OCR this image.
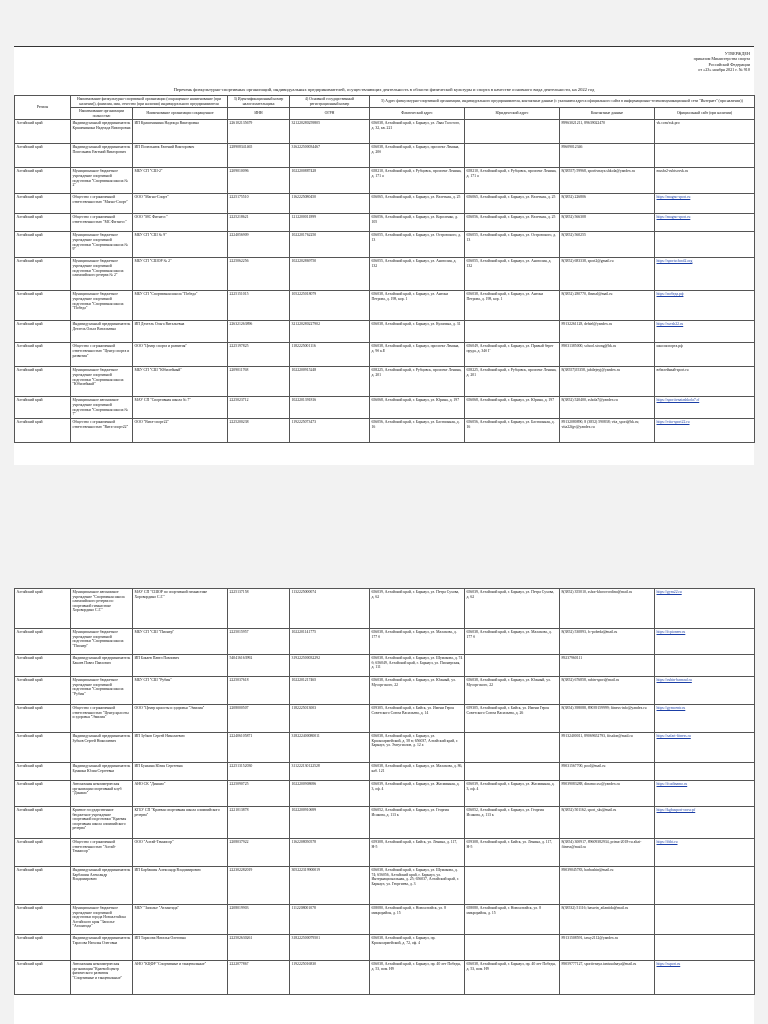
УТВЕРЖДЕН
приказом Министерства спорта
Российской Федерации
от «23» ноября 2021 г. № 910
Перечень физкультурно-спортивных организаций, индивидуальных предпринимателей, осуществляющих деятельность в области физической культуры и спорта в качестве основного вида деятельности, на 2022 год
Регион	Наименование физкультурно-спортивной организации (сокращенное наименование (при наличии)), фамилия, имя, отчество (при наличии) индивидуального предпринимателя		3) Идентификационный номер налогоплательщика	4) Основной государственный регистрационный номер	5) Адрес физкультурно-спортивной организации, индивидуального предпринимателя, контактные данные (с указанием адреса официального сайта в информационно-телекоммуникационной сети "Интернет" (при наличии))			
	Наименование организации полностью	Наименование организации сокращенное	ИНН	ОГРН	Фактический адрес	Юридический адрес	Контактные данные	Официальный сайт (при наличии)
Алтайский край	Индивидуальный предприниматель Крашенинина Надежда Викторовна	ИП Крашенинина Надежда Викторовна	226102135679	321220280259805	656038, Алтайский край, г. Барнаул, ул. Льва Толстого, д. 32, кв. 221		89963021211, 89639022470	vk.com/ssk.pro
Алтайский край	Индивидуальный предприниматель Попельнюк Евгений Викторович	ИП Попельнюк Евгений Викторович	228908341465	316222500034467	656038, Алтайский край, г. Барнаул, проспект Ленина, д. 20б		89609012346	
Алтайский край	Муниципальное бюджетное учреждение спортивной подготовки "Спортивная школа № 2"	МБУ СП "СШ-2"	2209010096	1022200887428	658210, Алтайский край, г. Рубцовск, проспект Ленина, д. 171 а	658210, Алтайский край, г. Рубцовск, проспект Ленина, д. 171 а	8(38557) 59968, sportivnaya.shkola@yandex.ru	musbr2-rubtsovsk.ru
Алтайский край	Общество с ограниченной ответственностью "Магно-Спорт"	ООО "Магно-Спорт"	2225175510	1162225080450	656065, Алтайский край, г. Барнаул, ул. Взлетная, д. 25	656065, Алтайский край, г. Барнаул, ул. Взлетная, д. 25	8(3852) 226806	https://magno-sport.ru
Алтайский край	Общество с ограниченной ответственностью "МС Фитнесс"	ООО "МС Фитнесс"	2225218621	1212200011899	656056, Алтайский край, г. Барнаул, ул. Короленко, д. 105	656056, Алтайский край, г. Барнаул, ул. Взлетная, д. 25	8(3852) 566308	https://magno-sport.ru
Алтайский край	Муниципальное бюджетное учреждение спортивной подготовки "Спортивная школа № 9"	МБУ СП "СШ № 9"	2224056909	1022201762250	656055, Алтайский край, г. Барнаул, ул. Островского, д. 13	656055, Алтайский край, г. Барнаул, ул. Островского, д. 13	8(3852) 560255	
Алтайский край	Муниципальное бюджетное учреждение спортивной подготовки "Спортивная школа олимпийского резерва № 2"	МБУ СП "СШОР № 2"	2225062256	1022202869750	656055, Алтайский край, г. Барнаул, ул. Анатолия, д. 132	656055, Алтайский край, г. Барнаул, ул. Анатолия, д. 132	8(3852) 683338, sport2@gmail.ru	https://sportschool2.org
Алтайский край	Муниципальное бюджетное учреждение спортивной подготовки "Спортивная школа "Победа"	МБУ СП "Спортивная школа "Победа"	2225151015	1052225018079	656038, Алтайский край, г. Барнаул, ул. Антона Петрова, д. 198, кор. 1	656038, Алтайский край, г. Барнаул, ул. Антона Петрова, д. 198, кор. 1	8(3852) 280770, fhsmal@mail.ru	https://победа.рф
Алтайский край	Индивидуальный предприниматель Дехтель Ольга Витальевна	ИП Дехтель Ольга Витальевна	226321263896	321220280227902	656038, Алтайский край, г. Барнаул, ул. Кулагина, д. 31		89132261128, dehtel@yandex.ru	https://ssvsh22.ru
Алтайский край	Общество с ограниченной ответственностью "Центр спорта и развития"	ООО "Центр спорта и развития"	2225197825	1182225001116	656038, Алтайский край, г. Барнаул, проспект Ленина, д. 9б к.Е	656049, Алтайский край, г. Барнаул, ул. Правый берег пруда, д. 34б Г	89031385000, school.strong@bk.ru	школаспорта.рф
Алтайский край	Муниципальное бюджетное учреждение спортивной подготовки "Спортивная школа "Юбилейный"	МБУ СП "СШ "Юбилейный"	2209011768	1022200915248	658225, Алтайский край, г. Рубцовск, проспект Ленина, д. 201	658225, Алтайский край, г. Рубцовск, проспект Ленина, д. 201	8(38557)55358, jubilejnyj@yandex.ru	юбилейный-sport.ru
Алтайский край	Муниципальное автономное учреждение спортивной подготовки "Спортивная школа № 7"	МАУ СП "Спортивная школа № 7"	2225023712	1022201391816	656068, Алтайский край, г. Барнаул, ул. Юрина, д. 197	656068, Алтайский край, г. Барнаул, ул. Юрина, д. 197	8(3852) 520400, sshola7@yandex.ru	https://sportivnaiashkola7.rf
Алтайский край	Общество с ограниченной ответственностью "Вита-спорт22"	ООО "Вита-спорт22"	2225200238	1192225073473	656056, Алтайский край, г. Барнаул, ул. Бастионная, д. 16	656056, Алтайский край, г. Барнаул, ул. Бастионная, д. 16	89132080890, 8 (3852) 590838; vita_sport@bk.ru; vita22fgv@yandex.ru	https://vita-sport22.ru
Алтайский край	Муниципальное автономное учреждение "Спортивная школа олимпийского резерва по спортивной гимнастике Хоровордино С.Г."	МАУ СП "СШОР по спортивной гимнастике Хоровордино С.Г."	2225137158	1132225000074	656039, Алтайский край, г. Барнаул, ул. Петра Сухова, д. 62	656039, Алтайский край, г. Барнаул, ул. Петра Сухова, д. 62	8(3852) 355010, sshor-khorovordino@mail.ru	https://gym22.ru
Алтайский край	Муниципальное бюджетное учреждение спортивной подготовки "Спортивная школа "Пионер"	МБУ СП "СШ "Пионер"	2225015957	1022201141775	656038, Алтайский край, г. Барнаул, ул. Малахова, д. 177 б	656038, Алтайский край, г. Барнаул, ул. Малахова, д. 177 б	8(3852) 530893, fc-pobeda@mail.ru	https://fcpioneer.ru
Алтайский край	Индивидуальный предприниматель Бакаев Павел Павлович	ИП Бакаев Павел Павлович	540416163992	319222500032292	656038, Алтайский край, г. Барнаул, ул. Шумакова, д. 74 б; 656049, Алтайский край, г. Барнаул, ул. Пионерская, д. 111		89237960111	
Алтайский край	Муниципальное бюджетное учреждение спортивной подготовки "Спортивная школа "Рубин"	МБУ СП "СШ "Рубин"	2225037618	1022201217465	656038, Алтайский край, г. Барнаул, ул. Южный, ул. Мусоргского, 22	656038, Алтайский край, г. Барнаул, ул. Южный, ул. Мусоргского, 22	8(3852) 676858, rubin-sport@mail.ru	https://rubin-barnaul.ru
Алтайский край	Общество с ограниченной ответственностью "Центр красоты и здоровья "Эмилия"	ООО "Центр красоты и здоровья "Эмилия"	2208000507	1182225013003	659305, Алтайский край, г. Бийск, ул. Имени Героя Советского Союза Васильева, д. 14	659305, Алтайский край, г. Бийск, ул. Имени Героя Советского Союза Васильева, д. 26	8(3854) 398088, 89039159999; fitness-info@yandex.ru	https://gymcentr.ru
Алтайский край	Индивидуальный предприниматель Зубков Сергей Николаевич	ИП Зубков Сергей Николаевич	222406105871	318222400080011	656038, Алтайский край, г. Барнаул, ул. Красноармейский, д. 58 в; 656037, Алтайский край, г. Барнаул, ул. Эмгугиолов, д. 12 а		89132400011, 89069652793, fitsalon@mail.ru	https://safari-fitness.ru
Алтайский край	Индивидуальный предприниматель Бункина Юлия Сергеевна	ИП Бункина Юлия Сергеевна	222513152030	311222130122528	656038, Алтайский край, г. Барнаул, ул. Малахова, д. 86, каб. 121		89031567700, pool@mail.ru	
Алтайский край	Автономная некоммерческая организация спортивный клуб "Динамо"	АНО СК "Динамо"	2225090725	1022200908696	656039, Алтайский край, г. Барнаул, ул. Жасминная, д. 3, оф. 4	656039, Алтайский край, г. Барнаул, ул. Жасминная, д. 3, оф. 4	89039083288, dinamo.ssc@yandex.ru	https://fcadinamo.ru
Алтайский край	Краевое государственное бюджетное учреждение спортивной подготовки "Краевая спортивная школа олимпийского резерва"	КГБУ СП "Краевая спортивная школа олимпийского резерва"	2221013878	1022200910699	656052, Алтайский край, г. Барнаул, ул. Георгия Исакова, д. 113 к	656052, Алтайский край, г. Барнаул, ул. Георгия Исакова, д. 113 к	8(3852) 501162, sport_sks@mail.ru	https://kgbusport-oorsr.pf
Алтайский край	Общество с ограниченной ответственностью "Алтай-Теннисор"	ООО "Алтай-Теннисор"	2208037922	1162208050578	659308, Алтайский край, г. Бийск, ул. Ленина, д. 117, Н-5	659308, Алтайский край, г. Бийск, ул. Ленина, д. 117, Н-5	8(3854) 300917, 89609382934, prima-2018-ru altai-fitness@mail.ru	https://fitbi.ru
Алтайский край	Индивидуальный предприниматель Барбашин Александр Владимирович	ИП Барбашин Александр Владимирович	222302282019	305222319900019	656038, Алтайский край, г. Барнаул, ул. Шумакова, д. 74; 656056, Алтайский край, г. Барнаул, ул. Интернациональная, д. 25; 656037, Алтайский край, г. Барнаул, ул. Георгиева, д. 3		89039045783, barbashin@mail.ru	
Алтайский край	Муниципальное бюджетное учреждение спортивной подготовки города Новоалтайска Алтайского края "Заполье "Атлантида"	МБУ "Заполье "Атлантида"	2208019903	1112208001078	658080, Алтайский край, г. Новоалтайск, ул. 8 микрорайон, д. 15	658080, Алтайский край, г. Новоалтайск, ул. 8 микрорайон, д. 15	8(38532) 51116; bassein_atlantida@mail.ru	
Алтайский край	Индивидуальный предприниматель Тарасова Наталья Олеговна	ИП Тарасова Наталья Олеговна	222502630261	318222500079501	656038, Алтайский край, г. Барнаул, пр. Красноармейский, д. 72, оф. 4		89131508591, tassy2112@yandex.ru	
Алтайский край	Автономная некоммерческая организация "Краевой центр физического развития "Спортивные и танцевальные"	АНО "КЦФР "Спортивные и танцевальные"	2222077867	1192225016830	656038, Алтайский край, г. Барнаул, пр. 40 лет Победы, д. 53, пом. Н9	656038, Алтайский край, г. Барнаул, пр. 40 лет Победы, д. 53, пом. Н9	89059777127, sportivnaya.tantsualnaya@mail.ru	https://ssport.ru
